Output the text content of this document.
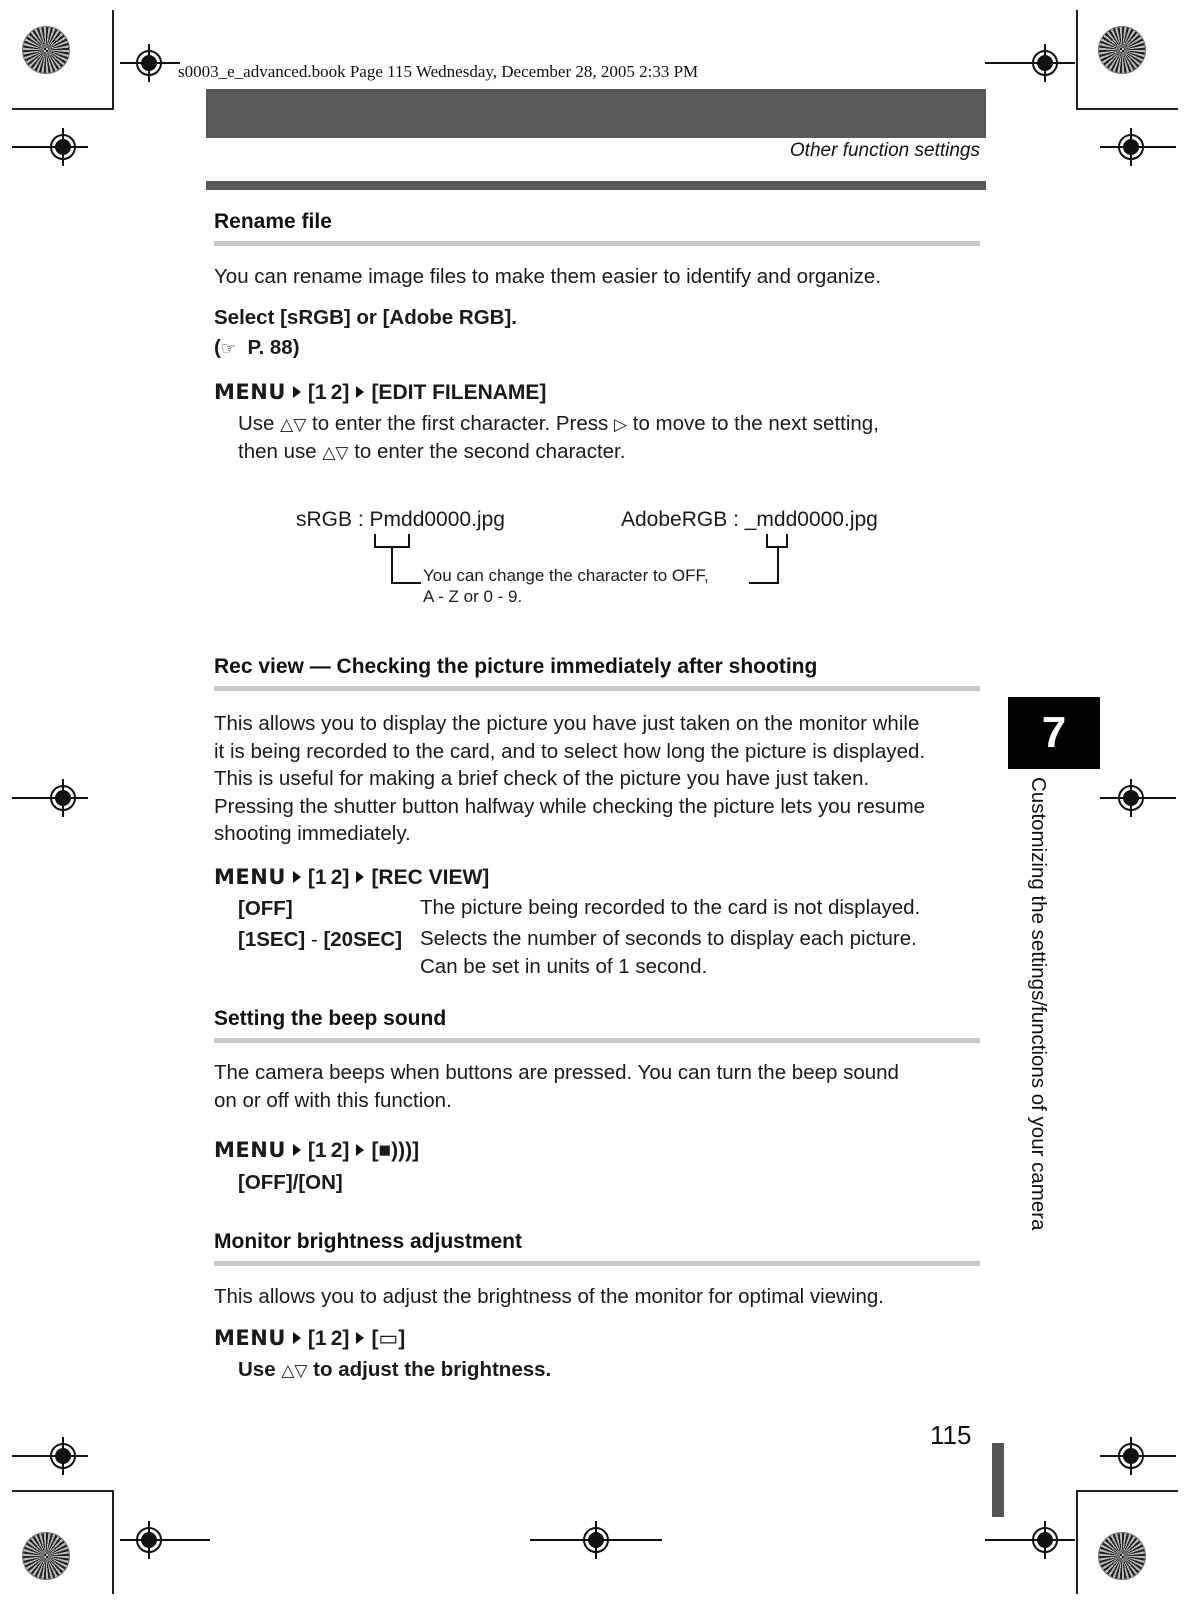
s0003_e_advanced.book Page 115 Wednesday, December 28, 2005 2:33 PM
Other function settings
Rename file
You can rename image files to make them easier to identify and organize.
Select [sRGB] or [Adobe RGB].
(☞ P. 88)
MENU [1 2] [EDIT FILENAME]
Use △▽ to enter the first character. Press ▷ to move to the next setting,
then use △▽ to enter the second character.
sRGB : Pmdd0000.jpg	AdobeRGB : _mdd0000.jpg
You can change the character to OFF,
A - Z or 0 - 9.
Rec view — Checking the picture immediately after shooting
This allows you to display the picture you have just taken on the monitor while
it is being recorded to the card, and to select how long the picture is displayed.
This is useful for making a brief check of the picture you have just taken.
Pressing the shutter button halfway while checking the picture lets you resume
shooting immediately.
MENU [1 2] [REC VIEW]
[OFF]	The picture being recorded to the card is not displayed.
[1SEC] - [20SEC] Selects the number of seconds to display each picture.
Can be set in units of 1 second.
Setting the beep sound
The camera beeps when buttons are pressed. You can turn the beep sound
on or off with this function.
MENU [1 2] [■)))]
[OFF]/[ON]
Monitor brightness adjustment
This allows you to adjust the brightness of the monitor for optimal viewing.
MENU [1 2] [▭]
Use △▽ to adjust the brightness.
7
Customizing the settings/functions of your camera
115
